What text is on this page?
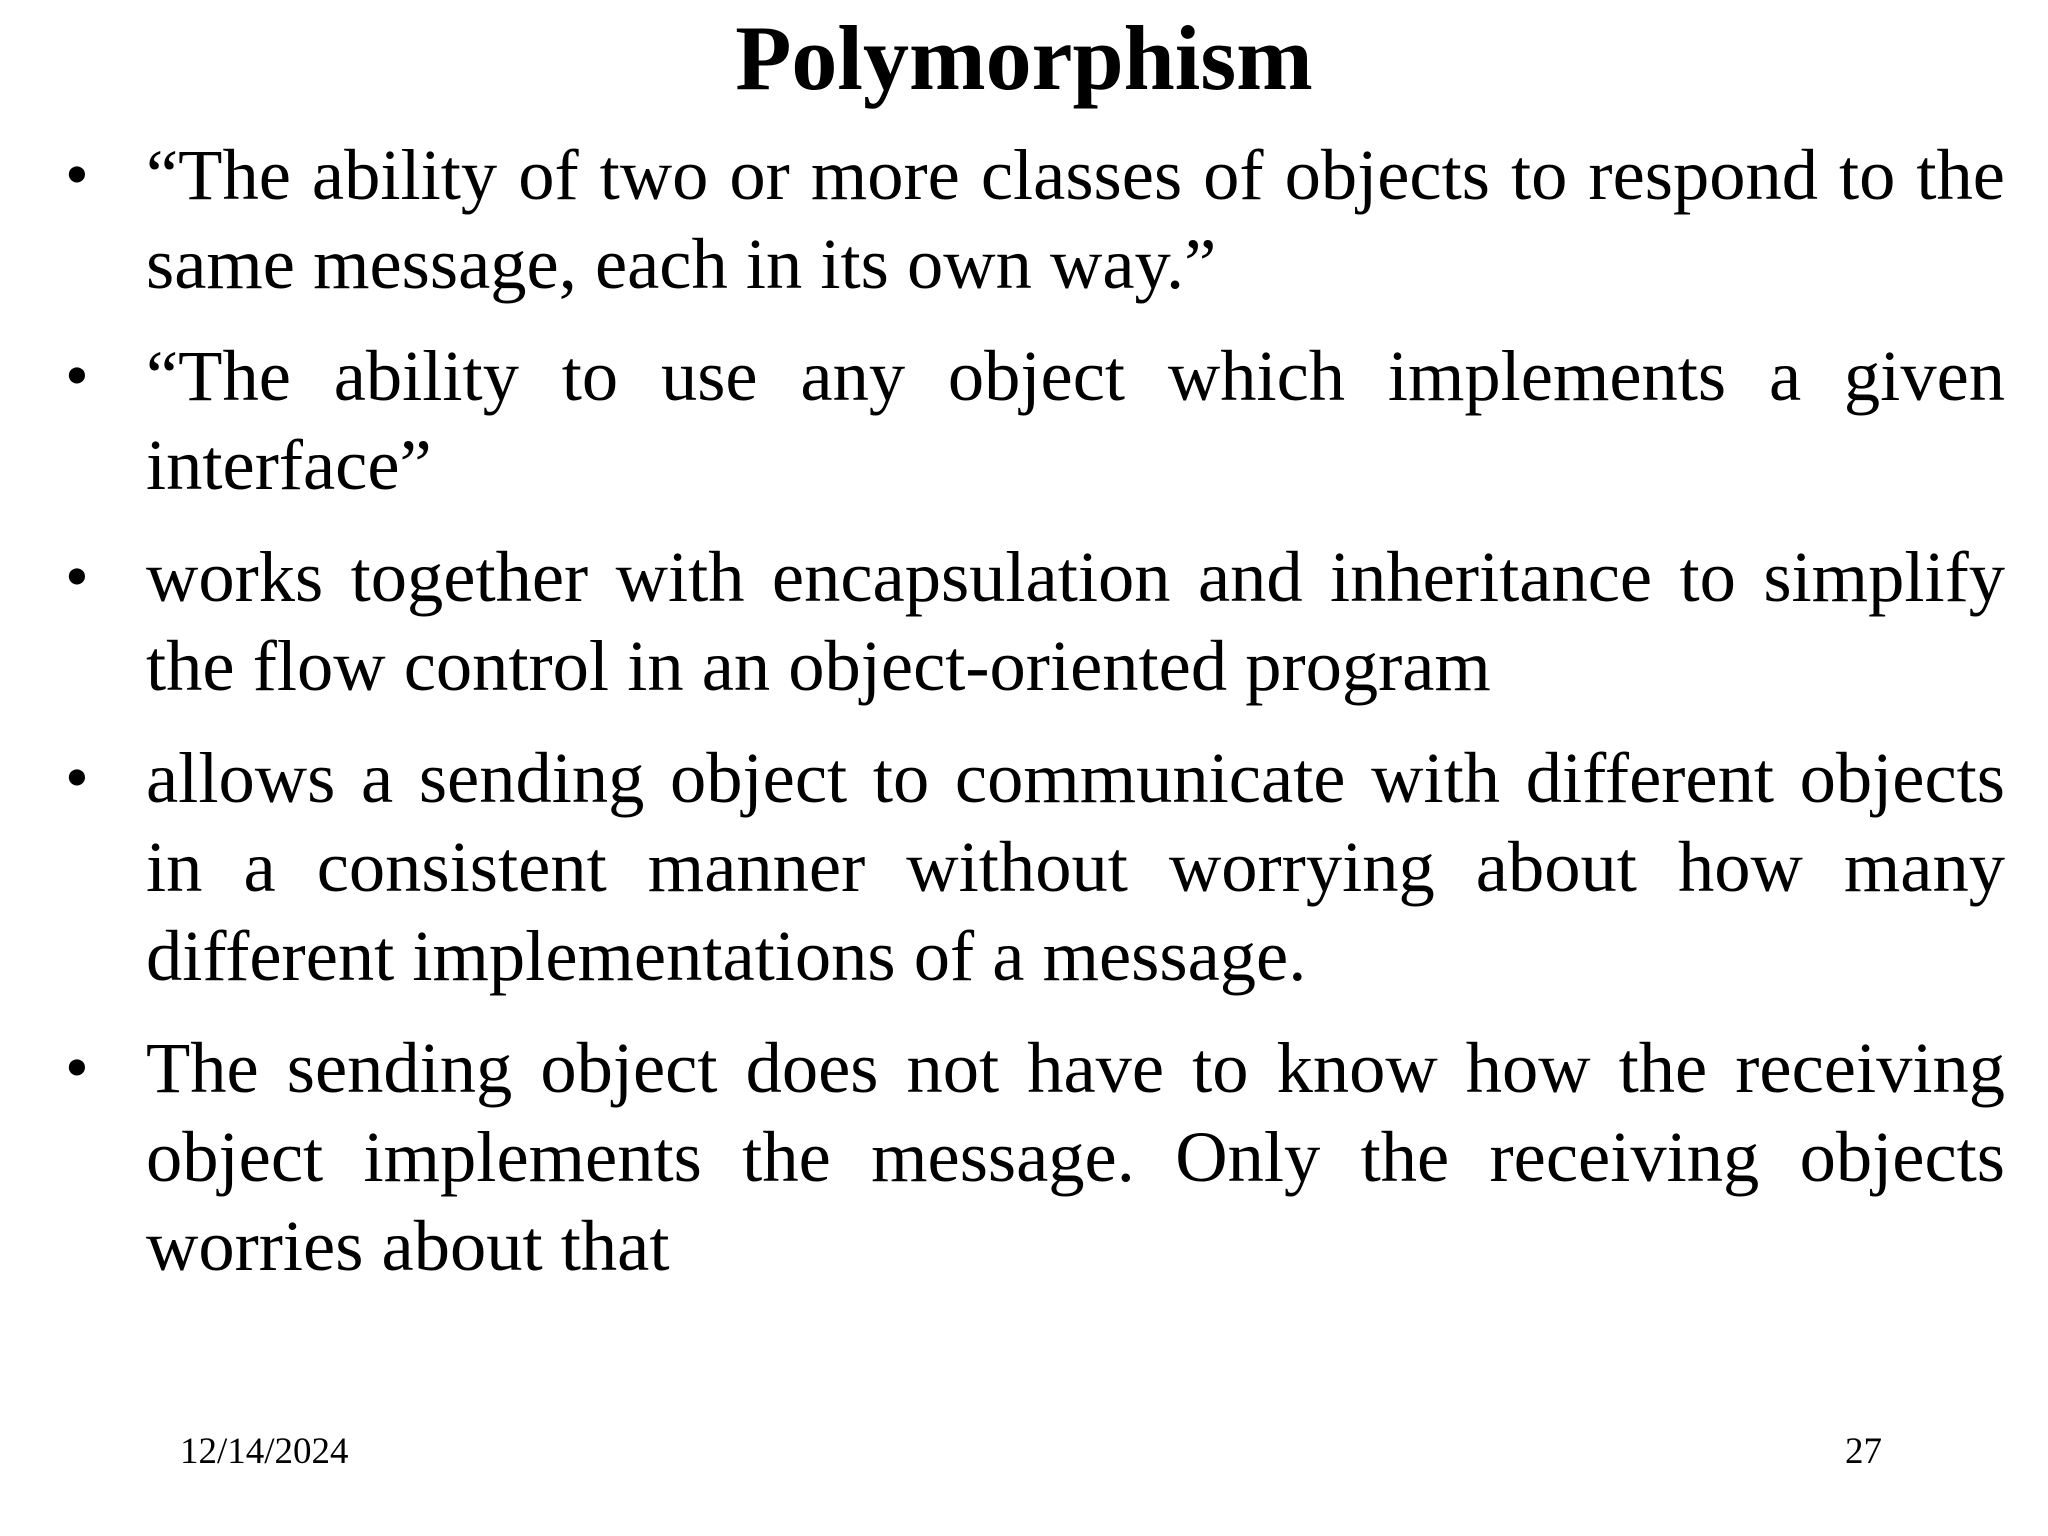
Polymorphism
• “The ability of two or more classes of objects to respond to the same message, each in its own way.”
• “The ability to use any object which implements a given interface”
• works together with encapsulation and inheritance to simplify the flow control in an object-oriented program
• allows a sending object to communicate with different objects in a consistent manner without worrying about how many different implementations of a message.
• The sending object does not have to know how the receiving object implements the message. Only the receiving objects worries about that
12/14/2024	27
